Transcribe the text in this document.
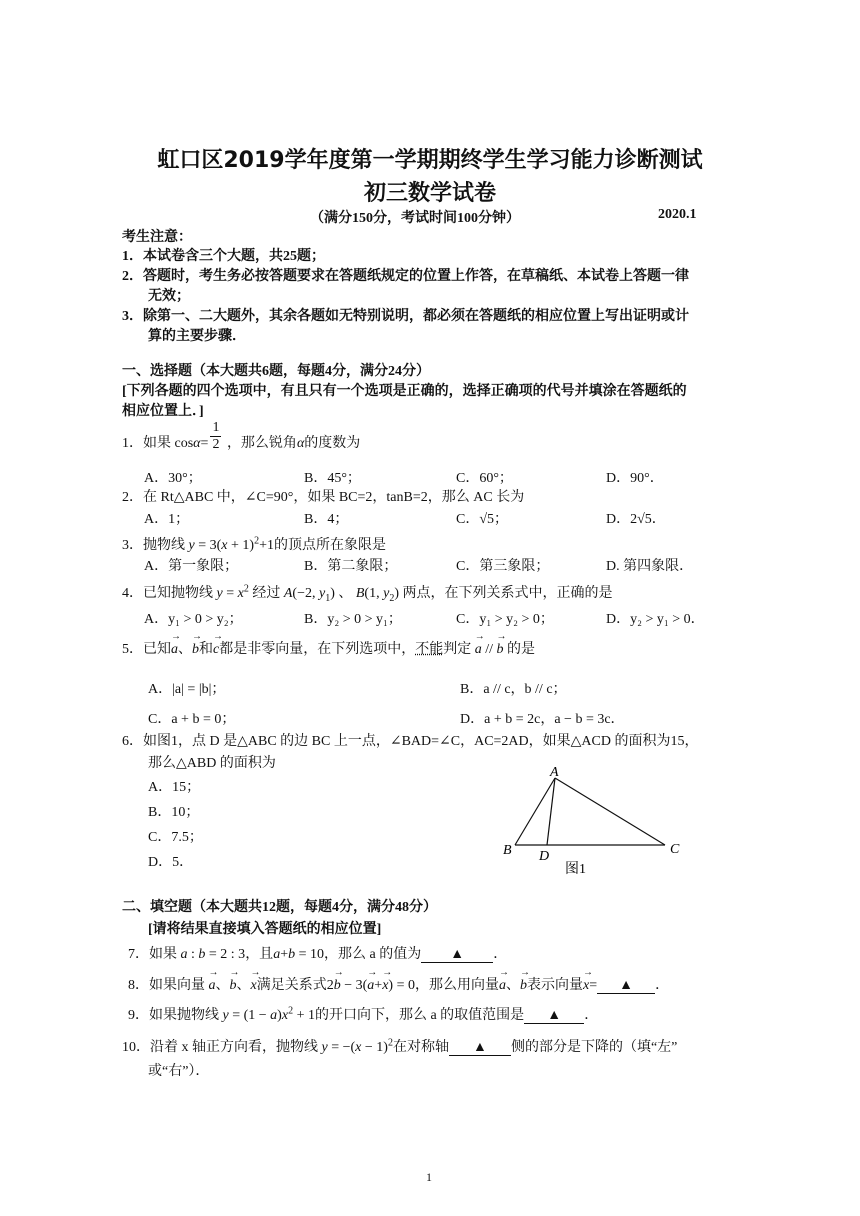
虹口区2019学年度第一学期期终学生学习能力诊断测试
初三数学试卷
（满分150分，考试时间100分钟）	2020.1
考生注意：
1．本试卷含三个大题，共25题；
2．答题时，考生务必按答题要求在答题纸规定的位置上作答，在草稿纸、本试卷上答题一律
无效；
3．除第一、二大题外，其余各题如无特别说明，都必须在答题纸的相应位置上写出证明或计
算的主要步骤．
一、选择题（本大题共6题，每题4分，满分24分）
[下列各题的四个选项中，有且只有一个选项是正确的，选择正确项的代号并填涂在答题纸的
相应位置上．]
1．如果 $\cos\alpha= \frac{1}{2}$ ，那么锐角α的度数为
A．30°；	B．45°；	C．60°；	D．90°．
2．在 Rt△ABC 中，∠C=90°，如果 BC=2，tanB=2，那么 AC 长为
A．1；	B．4；	C．√5；	D．2√5．
3．抛物线 $y = 3(x + 1)^2+1$的顶点所在象限是
A．第一象限；	B．第二象限；	C．第三象限；	D. 第四象限．
4．已知抛物线 $y = x^2$ 经过 A(−2, $y_1$) 、 B(1, $y_2$) 两点，在下列关系式中，正确的是
A．y₁ > 0 > y₂；	B．y₂ > 0 > y₁；	C．y₁ > y₂ > 0；	D．y₂ > y₁ > 0．
5．已知→ a、→ b和→ c都是非零向量，在下列选项中，不能判定 → a // → b 的是
A．|a| = |b|；	B．a // c，b // c；
C．a + b = 0；	D．a + b = 2c，a − b = 3c．
6．如图1，点 D 是△ABC 的边 BC 上一点，∠BAD=∠C，AC=2AD，如果△ACD 的面积为15，
那么△ABD 的面积为
A．15；
B．10；
C．7.5；
D．5．
A
B	C
D
图1
二、填空题（本大题共12题，每题4分，满分48分）
[请将结果直接填入答题纸的相应位置]
7．如果 a : b = 2 : 3，且a+b = 10，那么 a 的值为 ▲ ．
8．如果向量 → a、→ b、→ x满足关系式2→ b − 3(→ a+→ x) = 0，那么用向量→ a、→ b表示向量→ x= ▲ ．
9．如果抛物线 $y = (1 - a)x^2 + 1$的开口向下，那么 a 的取值范围是 ▲ ．
10．沿着 x 轴正方向看，抛物线 $y = -(x - 1)^2$在对称轴 ▲ 侧的部分是下降的（填“左”
或“右”）．
1
